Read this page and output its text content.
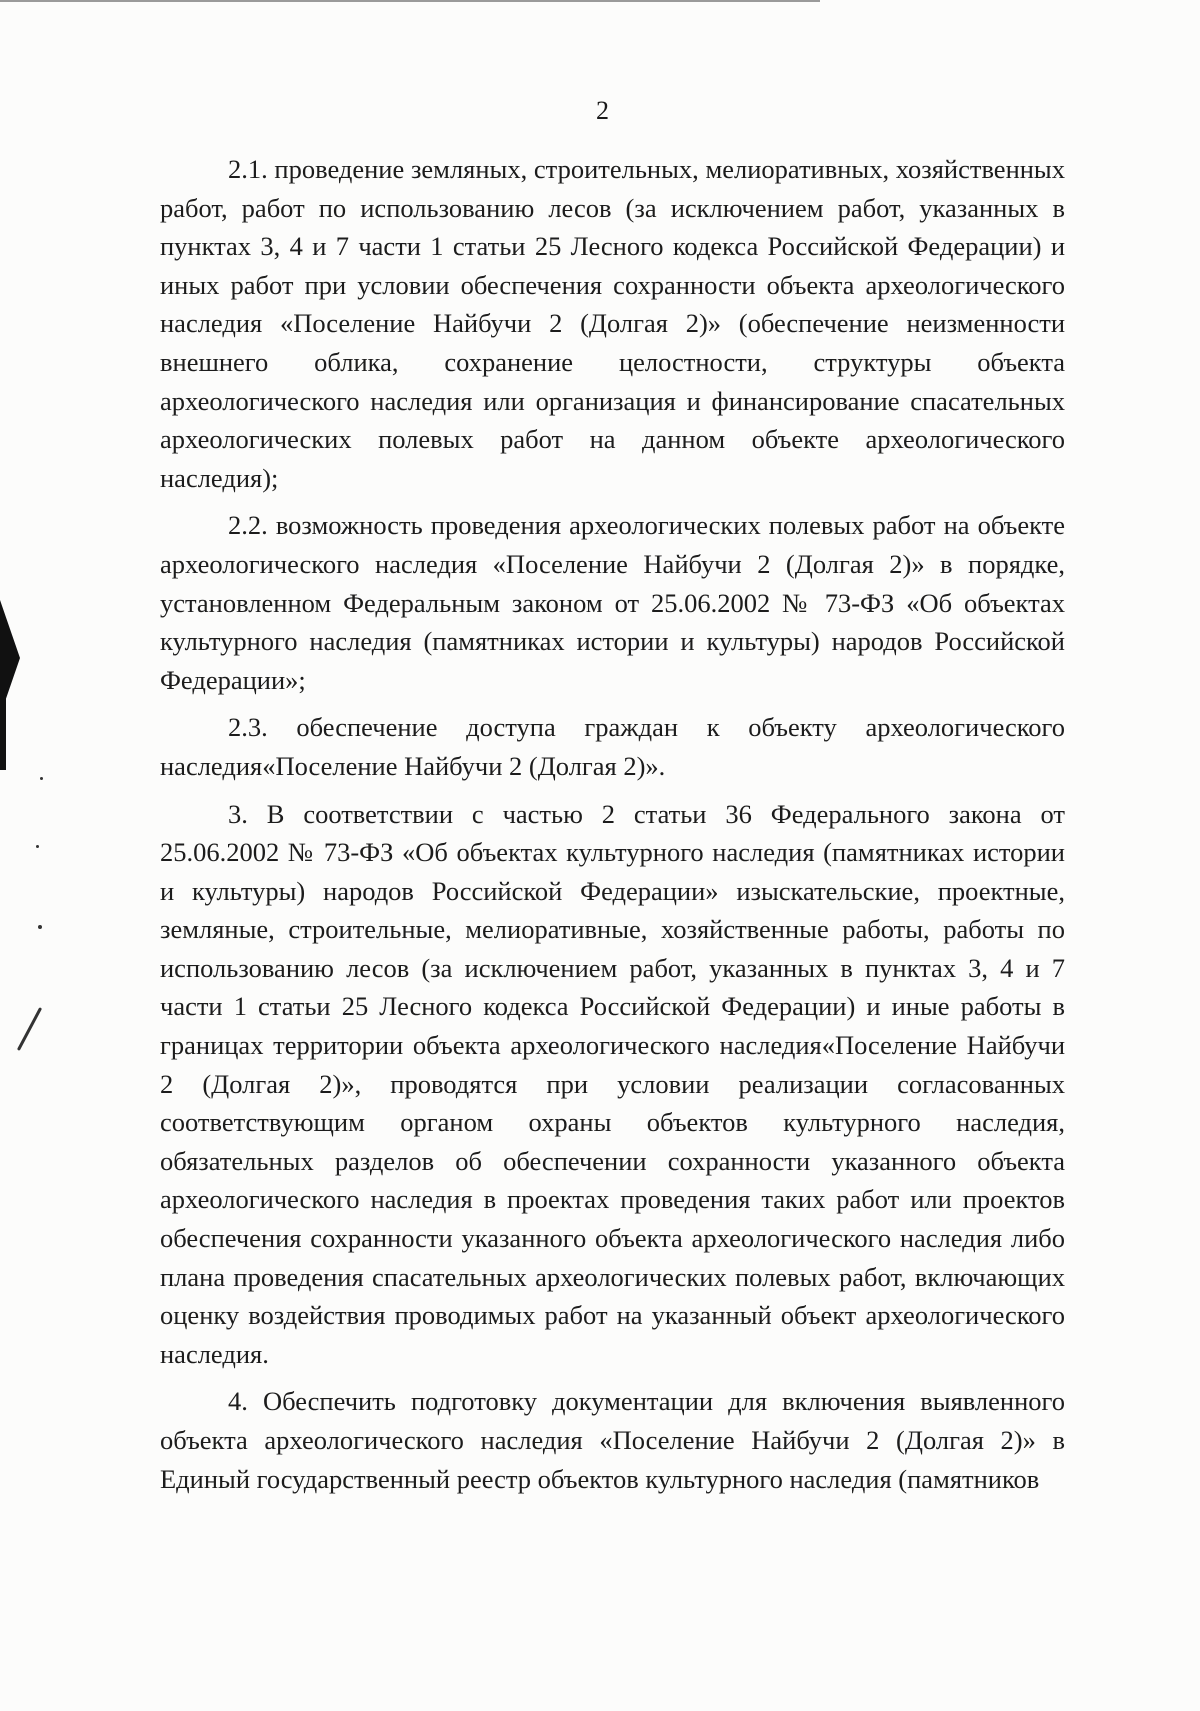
2

2.1. проведение земляных, строительных, мелиоративных, хозяйственных работ, работ по использованию лесов (за исключением работ, указанных в пунктах 3, 4 и 7 части 1 статьи 25 Лесного кодекса Российской Федерации) и иных работ при условии обеспечения сохранности объекта археологического наследия «Поселение Найбучи 2 (Долгая 2)» (обеспечение неизменности внешнего облика, сохранение целостности, структуры объекта археологического наследия или организация и финансирование спасательных археологических полевых работ на данном объекте археологического наследия);

2.2. возможность проведения археологических полевых работ на объекте археологического наследия «Поселение Найбучи 2 (Долгая 2)» в порядке, установленном Федеральным законом от 25.06.2002 № 73-ФЗ «Об объектах культурного наследия (памятниках истории и культуры) народов Российской Федерации»;

2.3. обеспечение доступа граждан к объекту археологического наследия«Поселение Найбучи 2 (Долгая 2)».

3. В соответствии с частью 2 статьи 36 Федерального закона от 25.06.2002 № 73-ФЗ «Об объектах культурного наследия (памятниках истории и культуры) народов Российской Федерации» изыскательские, проектные, земляные, строительные, мелиоративные, хозяйственные работы, работы по использованию лесов (за исключением работ, указанных в пунктах 3, 4 и 7 части 1 статьи 25 Лесного кодекса Российской Федерации) и иные работы в границах территории объекта археологического наследия«Поселение Найбучи 2 (Долгая 2)», проводятся при условии реализации согласованных соответствующим органом охраны объектов культурного наследия, обязательных разделов об обеспечении сохранности указанного объекта археологического наследия в проектах проведения таких работ или проектов обеспечения сохранности указанного объекта археологического наследия либо плана проведения спасательных археологических полевых работ, включающих оценку воздействия проводимых работ на указанный объект археологического наследия.

4. Обеспечить подготовку документации для включения выявленного объекта археологического наследия «Поселение Найбучи 2 (Долгая 2)» в Единый государственный реестр объектов культурного наследия (памятников
